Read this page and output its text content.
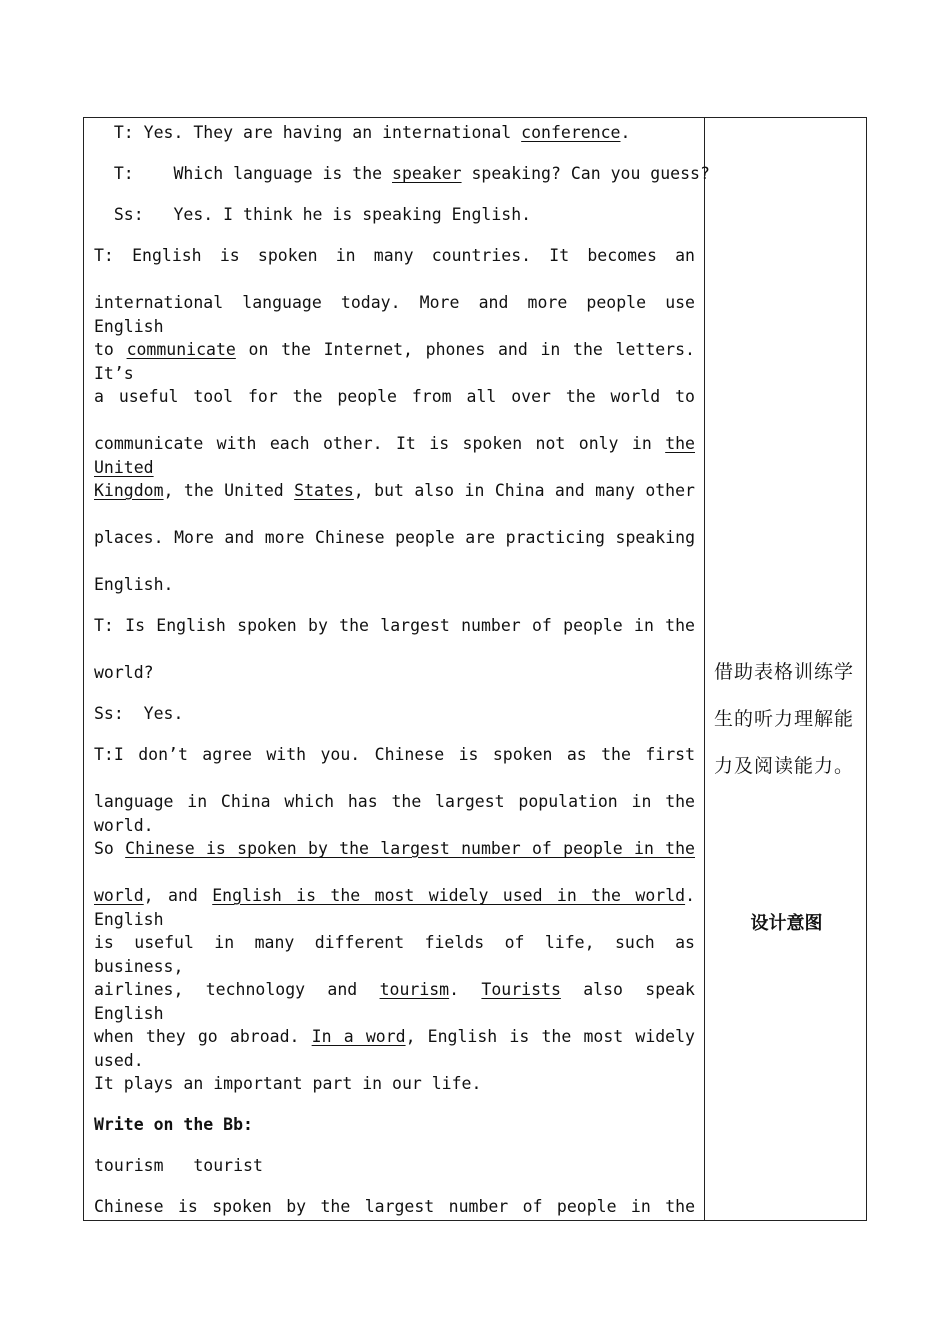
T: Yes. They are having an international conference.
T:    Which language is the speaker speaking? Can you guess?
Ss:   Yes. I think he is speaking English.
T: English is spoken in many countries. It becomes an
international language today. More and more people use English
to communicate on the Internet, phones and in the letters. It’s
a useful tool for the people from all over the world to
communicate with each other. It is spoken not only in the United
Kingdom, the United States, but also in China and many other
places. More and more Chinese people are practicing speaking
English.
T: Is English spoken by the largest number of people in the
world?
Ss:  Yes.
T:I don’t agree with you. Chinese is spoken as the first
language in China which has the largest population in the world.
So Chinese is spoken by the largest number of people in the
world, and English is the most widely used in the world. English
is useful in many different fields of life, such as business,
airlines, technology and tourism. Tourists also speak English
when they go abroad. In a word, English is the most widely used.
It plays an important part in our life.
Write on the Bb:
tourism   tourist
Chinese is spoken by the largest number of people in the
借助表格训练学
生的听力理解能
力及阅读能力。
设计意图
